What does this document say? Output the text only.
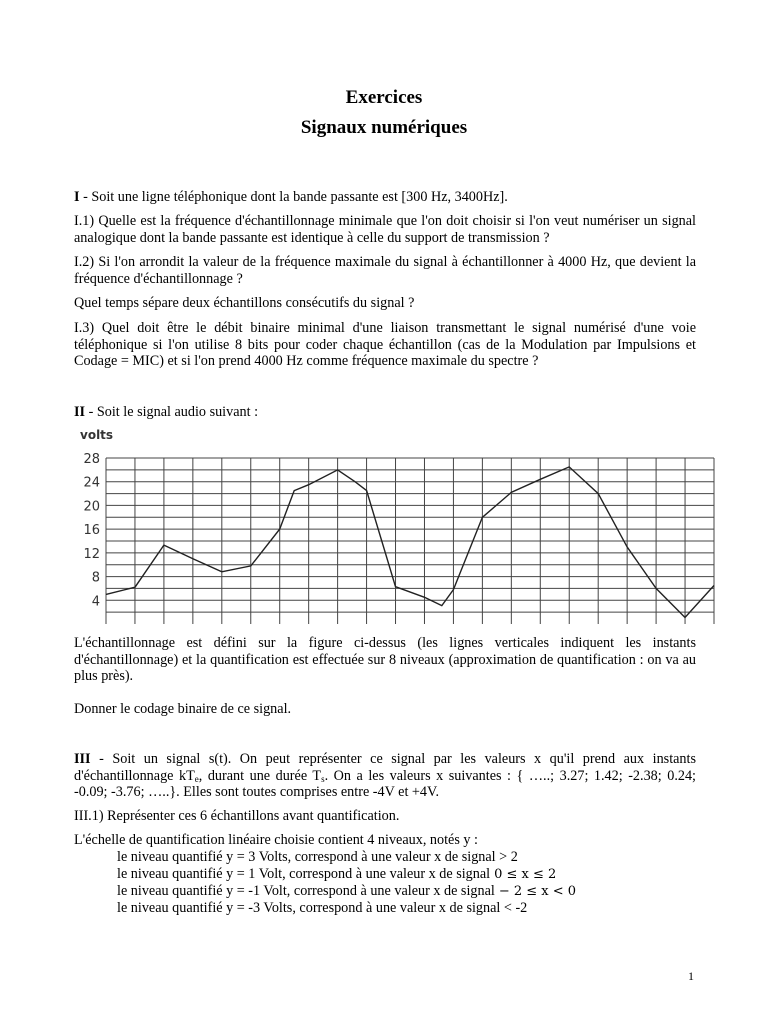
Exercices
Signaux numériques
I - Soit une ligne téléphonique dont la bande passante est [300 Hz, 3400Hz].
I.1) Quelle est la fréquence d'échantillonnage minimale que l'on doit choisir si l'on veut numériser un signal analogique dont la bande passante est identique à celle du support de transmission ?
I.2) Si l'on arrondit la valeur de la fréquence maximale du signal à échantillonner à 4000 Hz, que devient la fréquence d'échantillonnage ?
Quel temps sépare deux échantillons consécutifs du signal ?
I.3) Quel doit être le débit binaire minimal d'une liaison transmettant le signal numérisé d'une voie téléphonique si l'on utilise 8 bits pour coder chaque échantillon (cas de la Modulation par Impulsions et Codage = MIC) et si l'on prend 4000 Hz comme fréquence maximale du spectre ?
II - Soit le signal audio suivant :
4
8
12
16
20
24
28
volts
L'échantillonnage est défini sur la figure ci-dessus (les lignes verticales indiquent les instants d'échantillonnage) et la quantification est effectuée sur 8 niveaux (approximation de quantification : on va au plus près).
Donner le codage binaire de ce signal.
III - Soit un signal s(t). On peut représenter ce signal par les valeurs x qu'il prend aux instants d'échantillonnage $kT_e$, durant une durée $T_s$. On a les valeurs x suivantes : { …..; 3.27; 1.42; -2.38; 0.24; -0.09; -3.76; …..}. Elles sont toutes comprises entre -4V et +4V.
III.1) Représenter ces 6 échantillons avant quantification.
L'échelle de quantification linéaire choisie contient 4 niveaux, notés y :
le niveau quantifié y = 3 Volts, correspond à une valeur x de signal > 2
le niveau quantifié y = 1 Volt, correspond à une valeur x de signal 0 ≤ x ≤ 2
le niveau quantifié y = -1 Volt, correspond à une valeur x de signal − 2 ≤ x < 0
le niveau quantifié y = -3 Volts, correspond à une valeur x de signal < -2
1
